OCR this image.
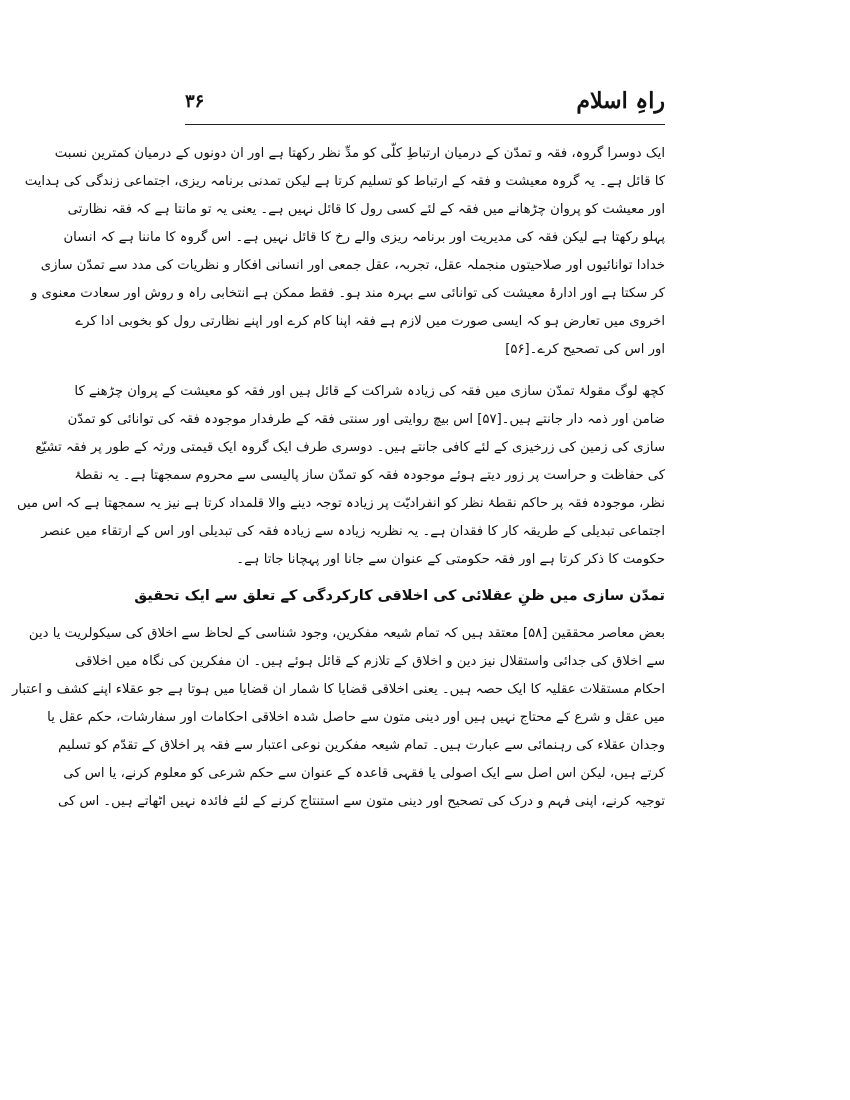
راہِ اسلام
۳۶
ایک دوسرا گروہ، فقہ و تمدّن کے درمیان ارتباطِ کلّی کو مدِّ نظر رکھتا ہے اور ان دونوں کے درمیان کمترین نسبت
کا قائل ہے۔ یہ گروہ معیشت و فقہ کے ارتباط کو تسلیم کرتا ہے لیکن تمدنی برنامہ ریزی، اجتماعی زندگی کی ہدایت
اور معیشت کو پروان چڑھانے میں فقہ کے لئے کسی رول کا قائل نہیں ہے۔ یعنی یہ تو مانتا ہے کہ فقہ نظارتی
پہلو رکھتا ہے لیکن فقہ کی مدیریت اور برنامہ ریزی والے رخ کا قائل نہیں ہے۔ اس گروہ کا ماننا ہے کہ انسان
خدادا توانائیوں اور صلاحیتوں منجملہ عقل، تجربہ، عقل جمعی اور انسانی افکار و نظریات کی مدد سے تمدّن سازی
کر سکتا ہے اور ادارۂ معیشت کی توانائی سے بہرہ مند ہو۔ فقط ممکن ہے انتخابی راہ و روش اور سعادت معنوی و
اخروی میں تعارض ہو کہ ایسی صورت میں لازم ہے فقہ اپنا کام کرے اور اپنے نظارتی رول کو بخوبی ادا کرے
اور اس کی تصحیح کرے۔[۵۶]
کچھ لوگ مقولۂ تمدّن سازی میں فقہ کی زیادہ شراکت کے قائل ہیں اور فقہ کو معیشت کے پروان چڑھنے کا
ضامن اور ذمہ دار جانتے ہیں۔[۵۷] اس بیچ روایتی اور سنتی فقہ کے طرفدار موجودہ فقہ کی توانائی کو تمدّن
سازی کی زمین کی زرخیزی کے لئے کافی جانتے ہیں۔ دوسری طرف ایک گروہ ایک قیمتی ورثہ کے طور پر فقہ تشیّع
کی حفاظت و حراست پر زور دیتے ہوئے موجودہ فقہ کو تمدّن ساز پالیسی سے محروم سمجھتا ہے۔ یہ نقطۂ
نظر، موجودہ فقہ پر حاکم نقطۂ نظر کو انفرادیّت پر زیادہ توجہ دینے والا قلمداد کرتا ہے نیز یہ سمجھتا ہے کہ اس میں
اجتماعی تبدیلی کے طریقہ کار کا فقدان ہے۔ یہ نظریہ زیادہ سے زیادہ فقہ کی تبدیلی اور اس کے ارتقاء میں عنصر
حکومت کا ذکر کرتا ہے اور فقہ حکومتی کے عنوان سے جانا اور پہچانا جاتا ہے۔
تمدّن سازی میں ظنِ عقلائی کی اخلاقی کارکردگی کے تعلق سے ایک تحقیق
بعض معاصر محققین [۵۸] معتقد ہیں کہ تمام شیعہ مفکرین، وجود شناسی کے لحاظ سے اخلاق کی سیکولریت یا دین
سے اخلاق کی جدائی واستقلال نیز دین و اخلاق کے تلازم کے قائل ہوئے ہیں۔ ان مفکرین کی نگاہ میں اخلاقی
احکام مستقلات عقلیہ کا ایک حصہ ہیں۔ یعنی اخلاقی قضایا کا شمار ان قضایا میں ہوتا ہے جو عقلاء اپنے کشف و اعتبار
میں عقل و شرع کے محتاج نہیں ہیں اور دینی متون سے حاصل شدہ اخلاقی احکامات اور سفارشات، حکم عقل یا
وجدان عقلاء کی رہنمائی سے عبارت ہیں۔ تمام شیعہ مفکرین نوعی اعتبار سے فقہ پر اخلاق کے تقدّم کو تسلیم
کرتے ہیں، لیکن اس اصل سے ایک اصولی یا فقہی قاعدہ کے عنوان سے حکم شرعی کو معلوم کرنے، یا اس کی
توجیہ کرنے، اپنی فہم و درک کی تصحیح اور دینی متون سے استنتاج کرنے کے لئے فائدہ نہیں اٹھاتے ہیں۔ اس کی
